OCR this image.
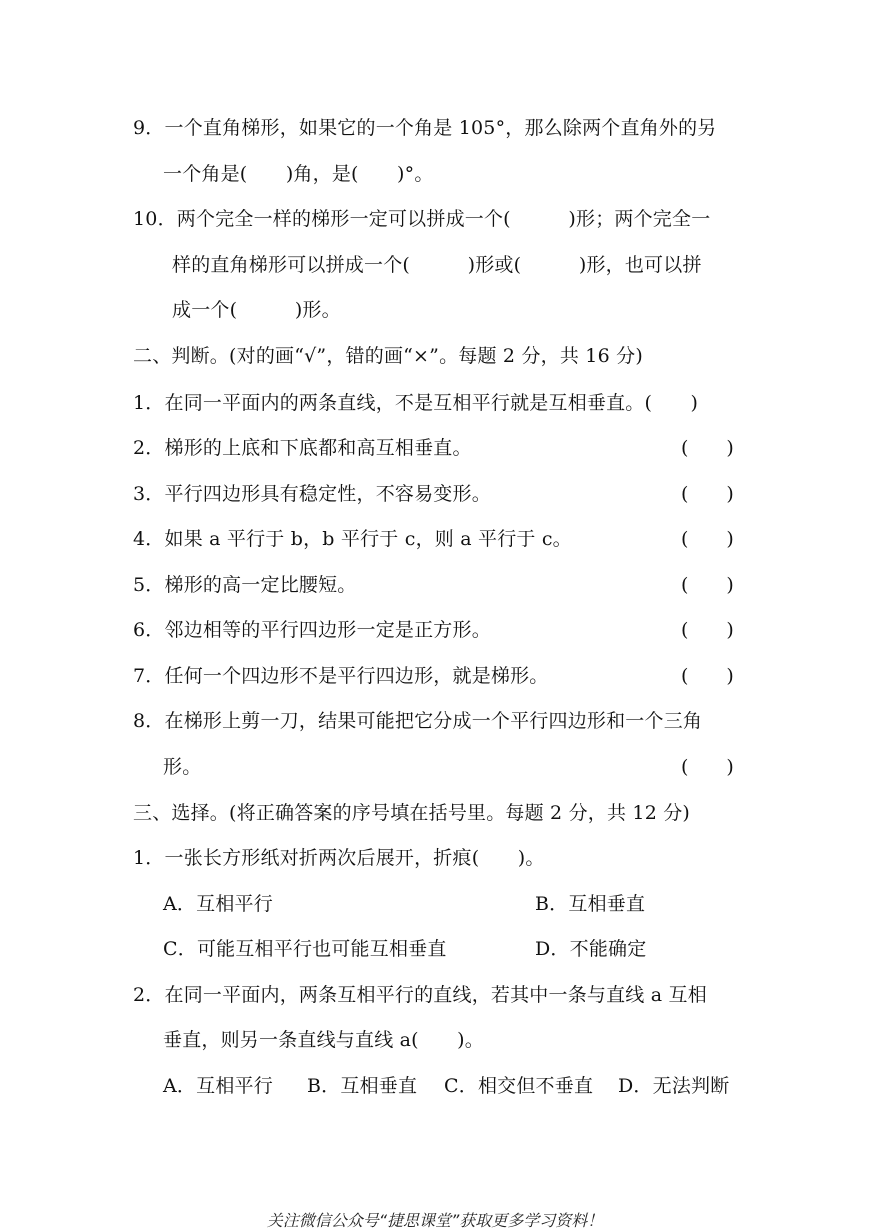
9．一个直角梯形，如果它的一个角是 105°，那么除两个直角外的另
一个角是(　　)角，是(　　)°。
10．两个完全一样的梯形一定可以拼成一个(　　　)形；两个完全一
样的直角梯形可以拼成一个(　　　)形或(　　　)形，也可以拼
成一个(　　　)形。
二、判断。(对的画“√”，错的画“×”。每题 2 分，共 16 分)
1．在同一平面内的两条直线，不是互相平行就是互相垂直。(　　)
2．梯形的上底和下底都和高互相垂直。	(　　)
3．平行四边形具有稳定性，不容易变形。	(　　)
4．如果 a 平行于 b，b 平行于 c，则 a 平行于 c。	(　　)
5．梯形的高一定比腰短。	(　　)
6．邻边相等的平行四边形一定是正方形。	(　　)
7．任何一个四边形不是平行四边形，就是梯形。	(　　)
8．在梯形上剪一刀，结果可能把它分成一个平行四边形和一个三角
形。	(　　)
三、选择。(将正确答案的序号填在括号里。每题 2 分，共 12 分)
1．一张长方形纸对折两次后展开，折痕(　　)。
A．互相平行	B．互相垂直
C．可能互相平行也可能互相垂直	D．不能确定
2．在同一平面内，两条互相平行的直线，若其中一条与直线 a 互相
垂直，则另一条直线与直线 a(　　)。
A．互相平行 B．互相垂直 C．相交但不垂直 D．无法判断
关注微信公众号“捷思课堂”获取更多学习资料！
